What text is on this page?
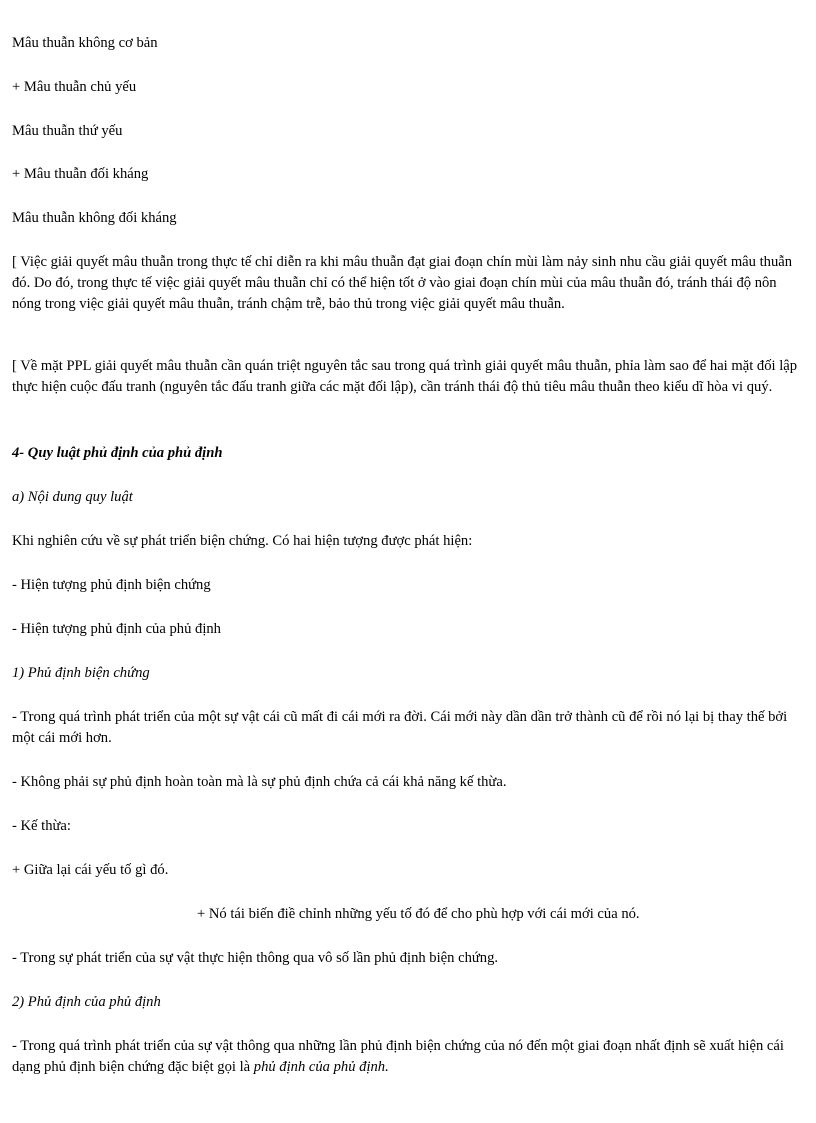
Mâu thuẫn không cơ bản

+ Mâu thuẫn chủ yếu

Mâu thuẫn thứ yếu

+ Mâu thuẫn đối kháng

Mâu thuẫn không đối kháng

[ Việc giải quyết mâu thuẫn trong thực tế chỉ diễn ra khi mâu thuẫn đạt giai đoạn chín mùi làm nảy sinh nhu cầu giải quyết mâu thuẫn đó. Do đó, trong thực tế việc giải quyết mâu thuẫn chỉ có thể hiện tốt ở vào giai đoạn chín mùi của mâu thuẫn đó, tránh thái độ nôn nóng trong việc giải quyết mâu thuẫn, tránh chậm trễ, bảo thủ trong việc giải quyết mâu thuẫn.

[ Về mặt PPL giải quyết mâu thuẫn cần quán triệt nguyên tắc sau trong quá trình giải quyết mâu thuẫn, phỉa làm sao để hai mặt đối lập thực hiện cuộc đấu tranh (nguyên tắc đấu tranh giữa các mặt đối lập), cần tránh thái độ thủ tiêu mâu thuẫn theo kiểu dĩ hòa vi quý.

4- Quy luật phủ định của phủ định

a) Nội dung quy luật

Khi nghiên cứu về sự phát triển biện chứng. Có hai hiện tượng được phát hiện:

- Hiện tượng phủ định biện chứng

- Hiện tượng phủ định của phủ định

1) Phủ định biện chứng

- Trong quá trình phát triển của một sự vật cái cũ mất đi cái mới ra đời. Cái mới này dần dần trở thành cũ để rồi nó lại bị thay thế bởi một cái mới hơn.

- Không phải sự phủ định hoàn toàn mà là sự phủ định chứa cả cái khả năng kế thừa.

- Kế thừa:

+ Giữa lại cái yếu tố gì đó.

+ Nó tái biến điề chỉnh những yếu tố đó để cho phù hợp với cái mới của nó.

- Trong sự phát triển của sự vật thực hiện thông qua vô số lần phủ định biện chứng.

2) Phủ định của phủ định

- Trong quá trình phát triển của sự vật thông qua những lần phủ định biện chứng của nó đến một giai đoạn nhất định sẽ xuất hiện cái dạng phủ định biện chứng đặc biệt gọi là phủ định của phủ định.
